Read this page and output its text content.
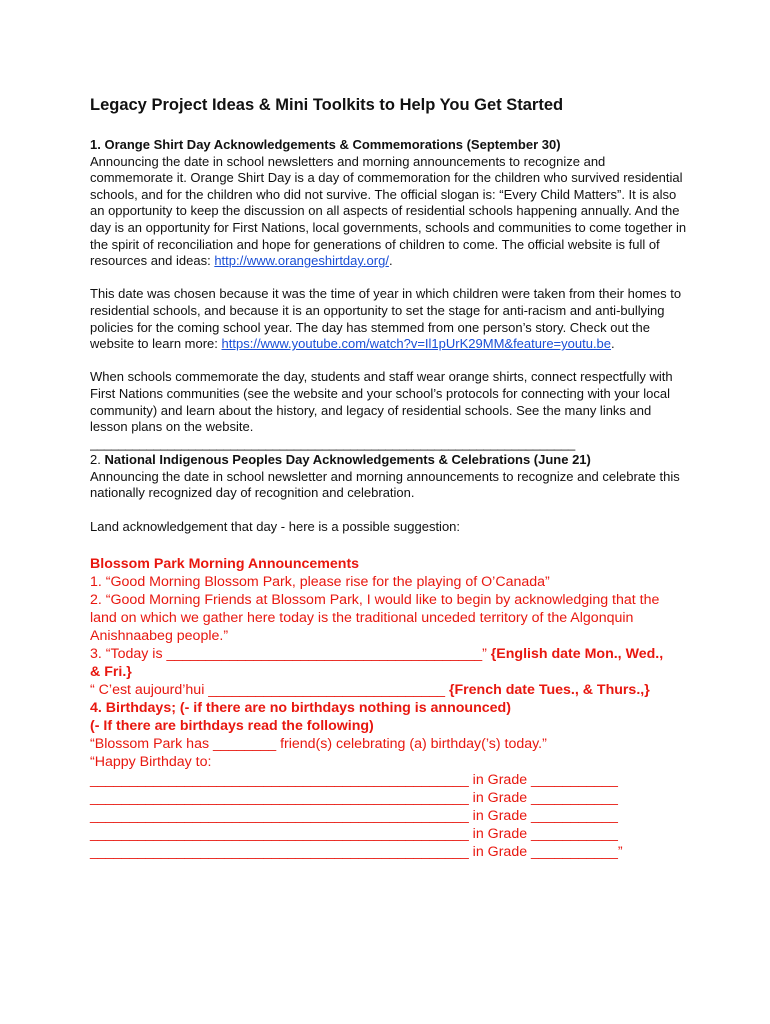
Legacy Project Ideas & Mini Toolkits to Help You Get Started

1. Orange Shirt Day Acknowledgements & Commemorations (September 30)

Announcing the date in school newsletters and morning announcements to recognize and commemorate it. Orange Shirt Day is a day of commemoration for the children who survived residential schools, and for the children who did not survive. The official slogan is: “Every Child Matters”. It is also an opportunity to keep the discussion on all aspects of residential schools happening annually. And the day is an opportunity for First Nations, local governments, schools and communities to come together in the spirit of reconciliation and hope for generations of children to come. The official website is full of resources and ideas: http://www.orangeshirtday.org/.

This date was chosen because it was the time of year in which children were taken from their homes to residential schools, and because it is an opportunity to set the stage for anti-racism and anti-bullying policies for the coming school year. The day has stemmed from one person’s story. Check out the website to learn more: https://www.youtube.com/watch?v=Il1pUrK29MM&feature=youtu.be.

When schools commemorate the day, students and staff wear orange shirts, connect respectfully with First Nations communities (see the website and your school’s protocols for connecting with your local community) and learn about the history, and legacy of residential schools. See the many links and lesson plans on the website.

_____________________________________________________________________

2. National Indigenous Peoples Day Acknowledgements & Celebrations (June 21)

Announcing the date in school newsletter and morning announcements to recognize and celebrate this nationally recognized day of recognition and celebration.

Land acknowledgement that day - here is a possible suggestion:

Blossom Park Morning Announcements

1. “Good Morning Blossom Park, please rise for the playing of O’Canada”

2. “Good Morning Friends at Blossom Park, I would like to begin by acknowledging that the land on which we gather here today is the traditional unceded territory of the Algonquin Anishnaabeg people.”

3. “Today is ________________________________________” {English date Mon., Wed.,

& Fri.}

“ C’est aujourd’hui ______________________________ {French date Tues., & Thurs.,}

4. Birthdays; (- if there are no birthdays nothing is announced)

(- If there are birthdays read the following)

“Blossom Park has ________ friend(s) celebrating (a) birthday(’s) today.”

“Happy Birthday to:

________________________________________________ in Grade ___________

________________________________________________ in Grade ___________

________________________________________________ in Grade ___________

________________________________________________ in Grade ___________

________________________________________________ in Grade ___________”
